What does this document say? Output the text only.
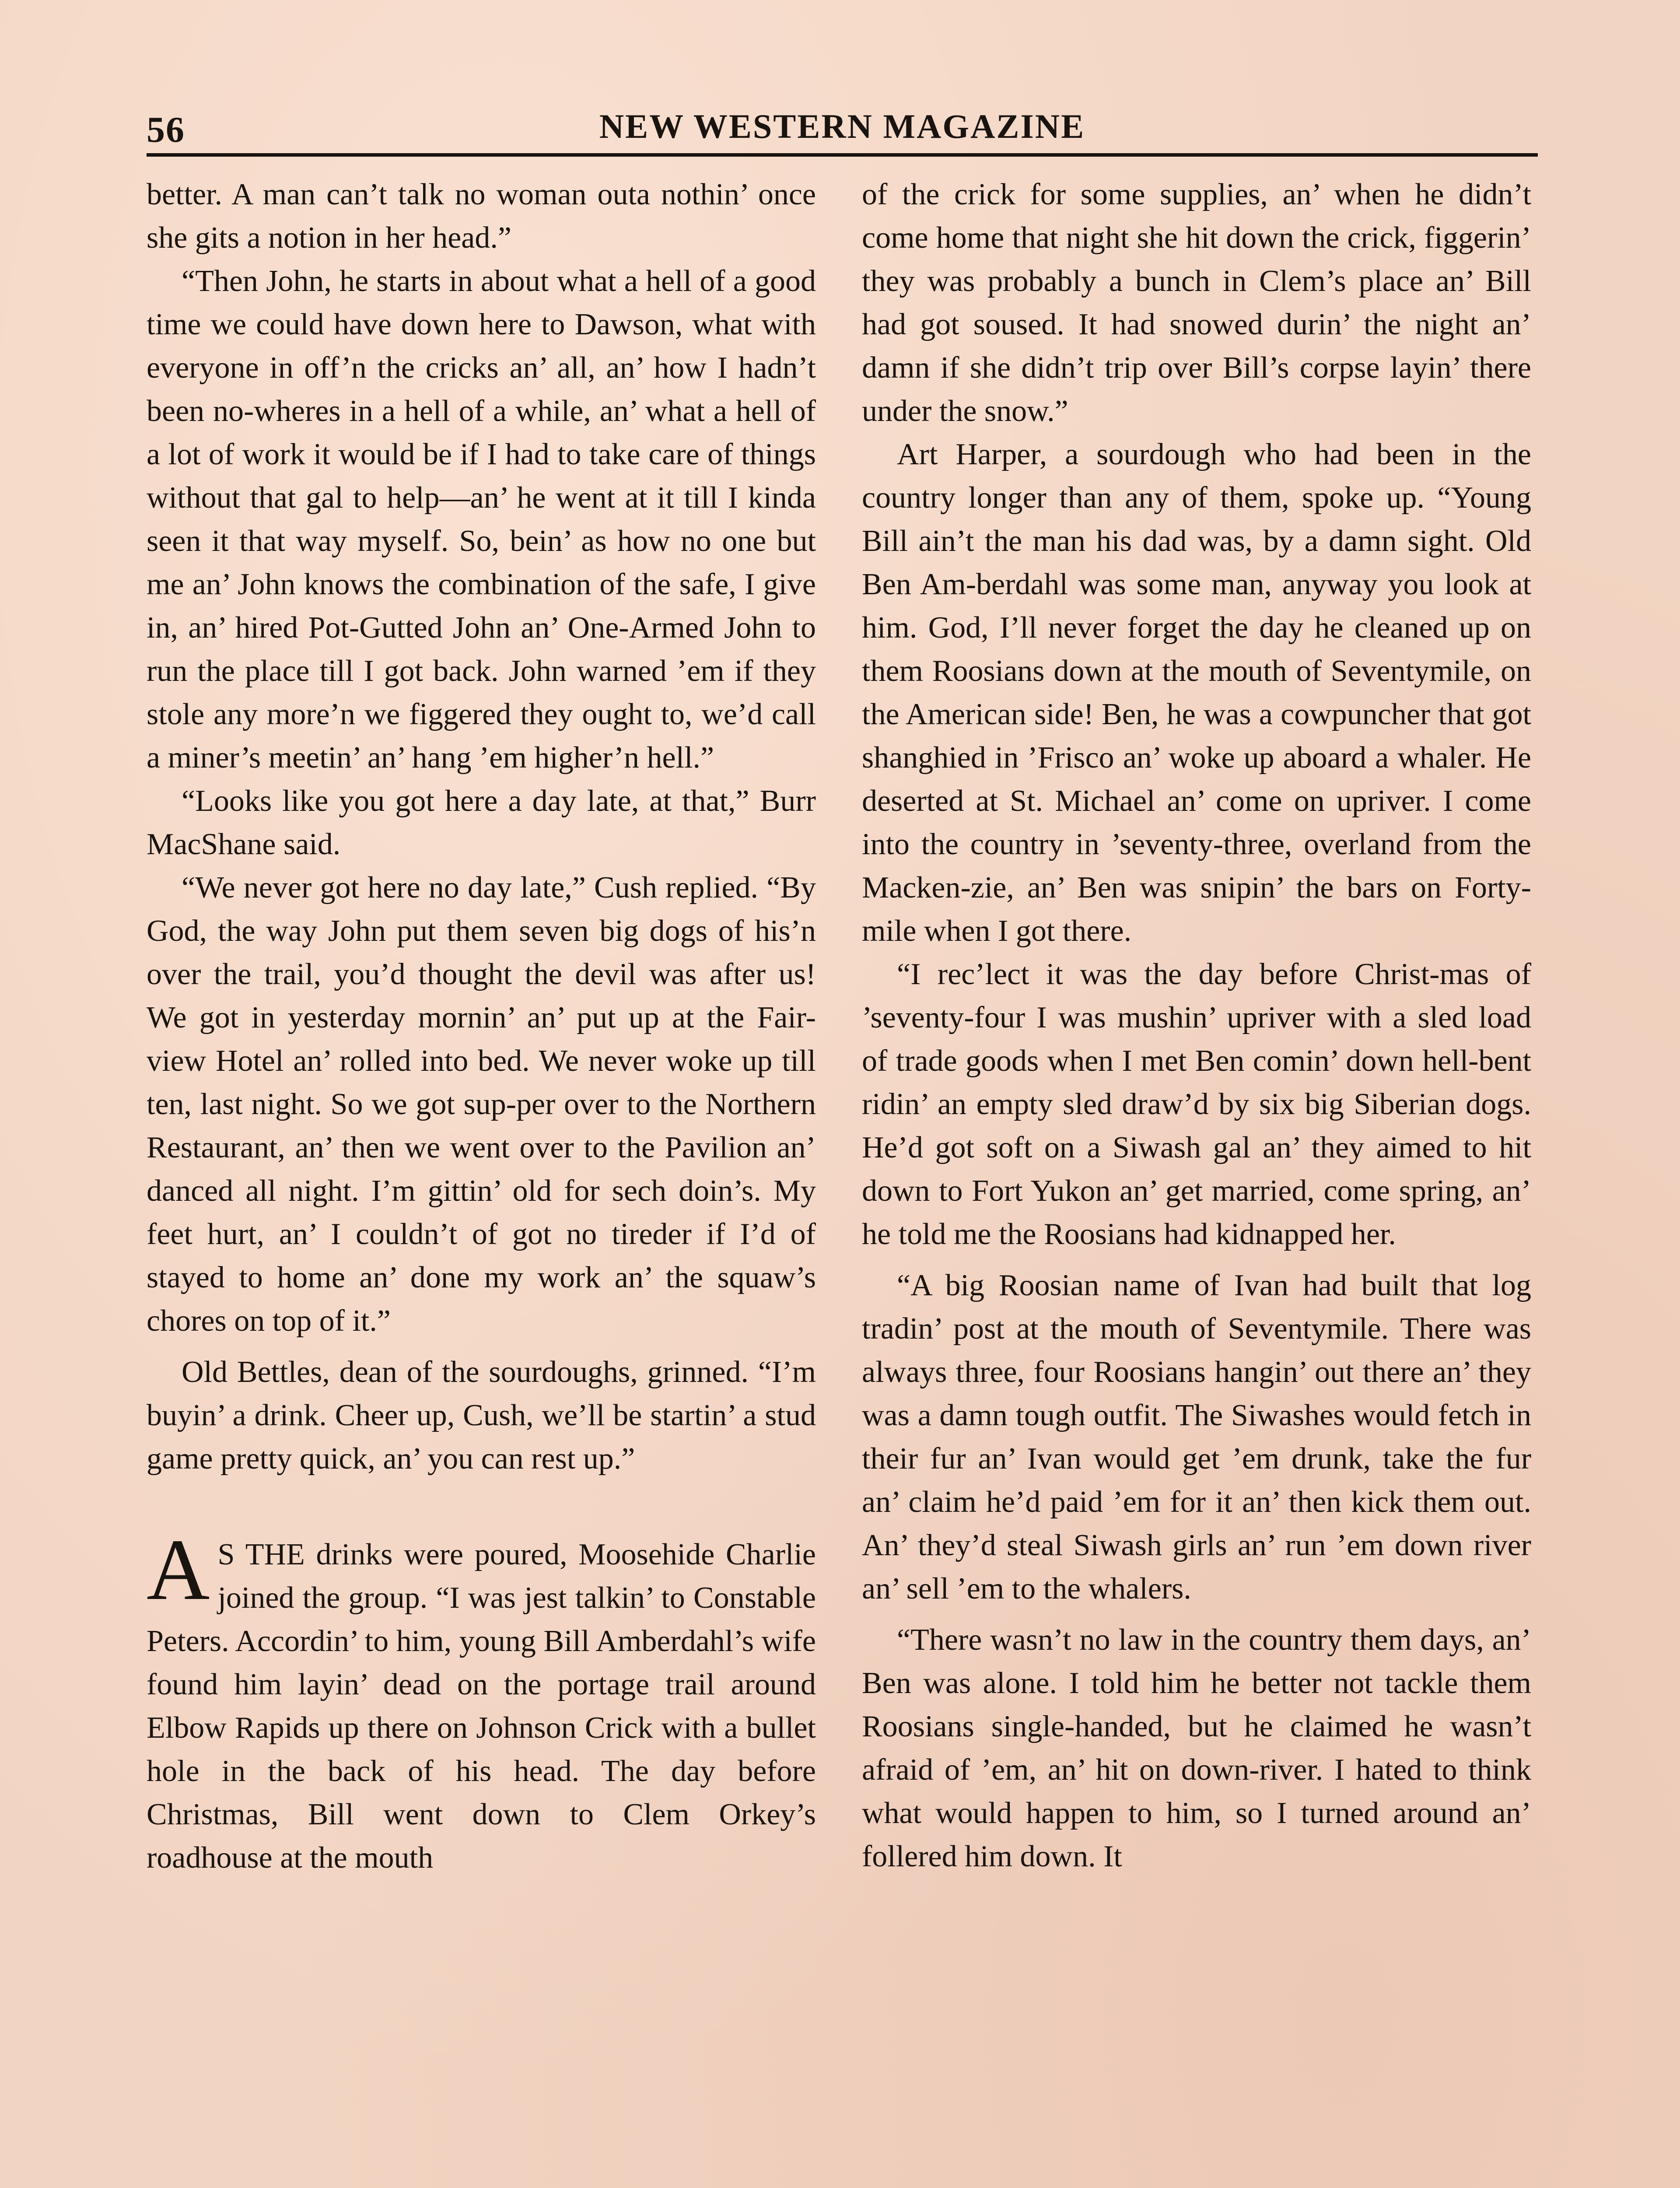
56	NEW WESTERN MAGAZINE

better. A man can’t talk no woman outa nothin’ once she gits a notion in her head.”

“Then John, he starts in about what a hell of a good time we could have down here to Dawson, what with everyone in off’n the cricks an’ all, an’ how I hadn’t been no-wheres in a hell of a while, an’ what a hell of a lot of work it would be if I had to take care of things without that gal to help—an’ he went at it till I kinda seen it that way myself. So, bein’ as how no one but me an’ John knows the combination of the safe, I give in, an’ hired Pot-Gutted John an’ One-Armed John to run the place till I got back. John warned ’em if they stole any more’n we figgered they ought to, we’d call a miner’s meetin’ an’ hang ’em higher’n hell.”

“Looks like you got here a day late, at that,” Burr MacShane said.

“We never got here no day late,” Cush replied. “By God, the way John put them seven big dogs of his’n over the trail, you’d thought the devil was after us! We got in yesterday mornin’ an’ put up at the Fair-view Hotel an’ rolled into bed. We never woke up till ten, last night. So we got sup-per over to the Northern Restaurant, an’ then we went over to the Pavilion an’ danced all night. I’m gittin’ old for sech doin’s. My feet hurt, an’ I couldn’t of got no tireder if I’d of stayed to home an’ done my work an’ the squaw’s chores on top of it.”

Old Bettles, dean of the sourdoughs, grinned. “I’m buyin’ a drink. Cheer up, Cush, we’ll be startin’ a stud game pretty quick, an’ you can rest up.”

A S THE drinks were poured, Moosehide Charlie joined the group. “I was jest talkin’ to Constable Peters. Accordin’ to him, young Bill Amberdahl’s wife found him layin’ dead on the portage trail around Elbow Rapids up there on Johnson Crick with a bullet hole in the back of his head. The day before Christmas, Bill went down to Clem Orkey’s roadhouse at the mouth

of the crick for some supplies, an’ when he didn’t come home that night she hit down the crick, figgerin’ they was probably a bunch in Clem’s place an’ Bill had got soused. It had snowed durin’ the night an’ damn if she didn’t trip over Bill’s corpse layin’ there under the snow.”

Art Harper, a sourdough who had been in the country longer than any of them, spoke up. “Young Bill ain’t the man his dad was, by a damn sight. Old Ben Am-berdahl was some man, anyway you look at him. God, I’ll never forget the day he cleaned up on them Roosians down at the mouth of Seventymile, on the American side! Ben, he was a cowpuncher that got shanghied in ’Frisco an’ woke up aboard a whaler. He deserted at St. Michael an’ come on upriver. I come into the country in ’seventy-three, overland from the Macken-zie, an’ Ben was snipin’ the bars on Forty-mile when I got there.

“I rec’lect it was the day before Christ-mas of ’seventy-four I was mushin’ upriver with a sled load of trade goods when I met Ben comin’ down hell-bent ridin’ an empty sled draw’d by six big Siberian dogs. He’d got soft on a Siwash gal an’ they aimed to hit down to Fort Yukon an’ get married, come spring, an’ he told me the Roosians had kidnapped her.

“A big Roosian name of Ivan had built that log tradin’ post at the mouth of Seventymile. There was always three, four Roosians hangin’ out there an’ they was a damn tough outfit. The Siwashes would fetch in their fur an’ Ivan would get ’em drunk, take the fur an’ claim he’d paid ’em for it an’ then kick them out. An’ they’d steal Siwash girls an’ run ’em down river an’ sell ’em to the whalers.

“There wasn’t no law in the country them days, an’ Ben was alone. I told him he better not tackle them Roosians single-handed, but he claimed he wasn’t afraid of ’em, an’ hit on down-river. I hated to think what would happen to him, so I turned around an’ follered him down. It
